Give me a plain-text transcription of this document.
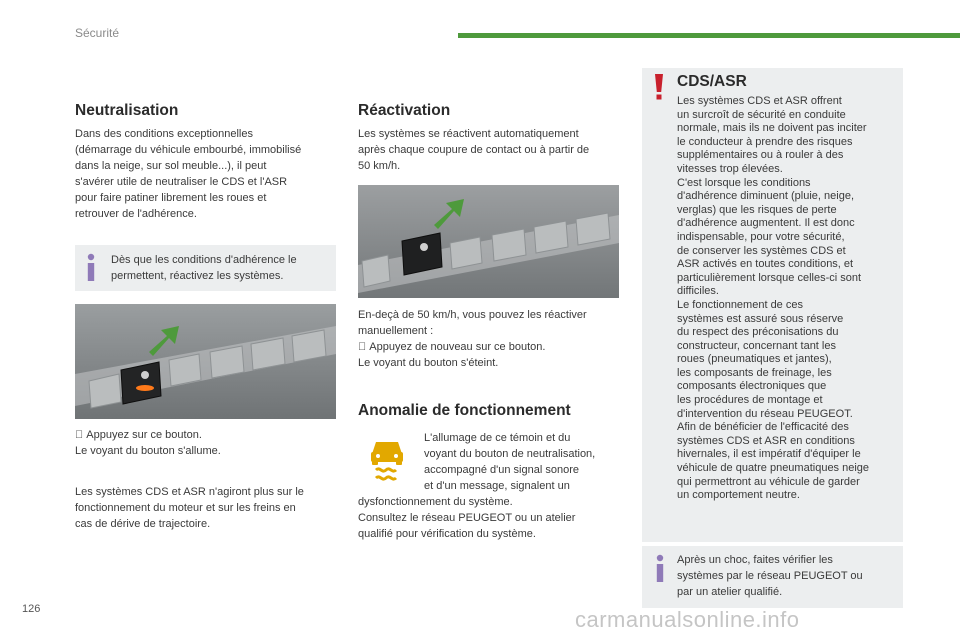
Sécurité
Neutralisation
Dans des conditions exceptionnelles
(démarrage du véhicule embourbé, immobilisé
dans la neige, sur sol meuble...), il peut
s'avérer utile de neutraliser le CDS et l'ASR
pour faire patiner librement les roues et
retrouver de l'adhérence.
Dès que les conditions d'adhérence le
permettent, réactivez les systèmes.
Appuyez sur ce bouton.
Le voyant du bouton s'allume.
Les systèmes CDS et ASR n'agiront plus sur le
fonctionnement du moteur et sur les freins en
cas de dérive de trajectoire.
Réactivation
Les systèmes se réactivent automatiquement
après chaque coupure de contact ou à partir de
50 km/h.
En-deçà de 50 km/h, vous pouvez les réactiver
manuellement :
Appuyez de nouveau sur ce bouton.
Le voyant du bouton s'éteint.
Anomalie de fonctionnement
L'allumage de ce témoin et du
voyant du bouton de neutralisation,
accompagné d'un signal sonore
et d'un message, signalent un
dysfonctionnement du système.
Consultez le réseau PEUGEOT ou un atelier
qualifié pour vérification du système.
CDS/ASR
Les systèmes CDS et ASR offrent
un surcroît de sécurité en conduite
normale, mais ils ne doivent pas inciter
le conducteur à prendre des risques
supplémentaires ou à rouler à des
vitesses trop élevées.
C'est lorsque les conditions
d'adhérence diminuent (pluie, neige,
verglas) que les risques de perte
d'adhérence augmentent. Il est donc
indispensable, pour votre sécurité,
de conserver les systèmes CDS et
ASR activés en toutes conditions, et
particulièrement lorsque celles-ci sont
difficiles.
Le fonctionnement de ces
systèmes est assuré sous réserve
du respect des préconisations du
constructeur, concernant tant les
roues (pneumatiques et jantes),
les composants de freinage, les
composants électroniques que
les procédures de montage et
d'intervention du réseau PEUGEOT.
Afin de bénéficier de l'efficacité des
systèmes CDS et ASR en conditions
hivernales, il est impératif d'équiper le
véhicule de quatre pneumatiques neige
qui permettront au véhicule de garder
un comportement neutre.
Après un choc, faites vérifier les
systèmes par le réseau PEUGEOT ou
par un atelier qualifié.
126	carmanualsonline.info
